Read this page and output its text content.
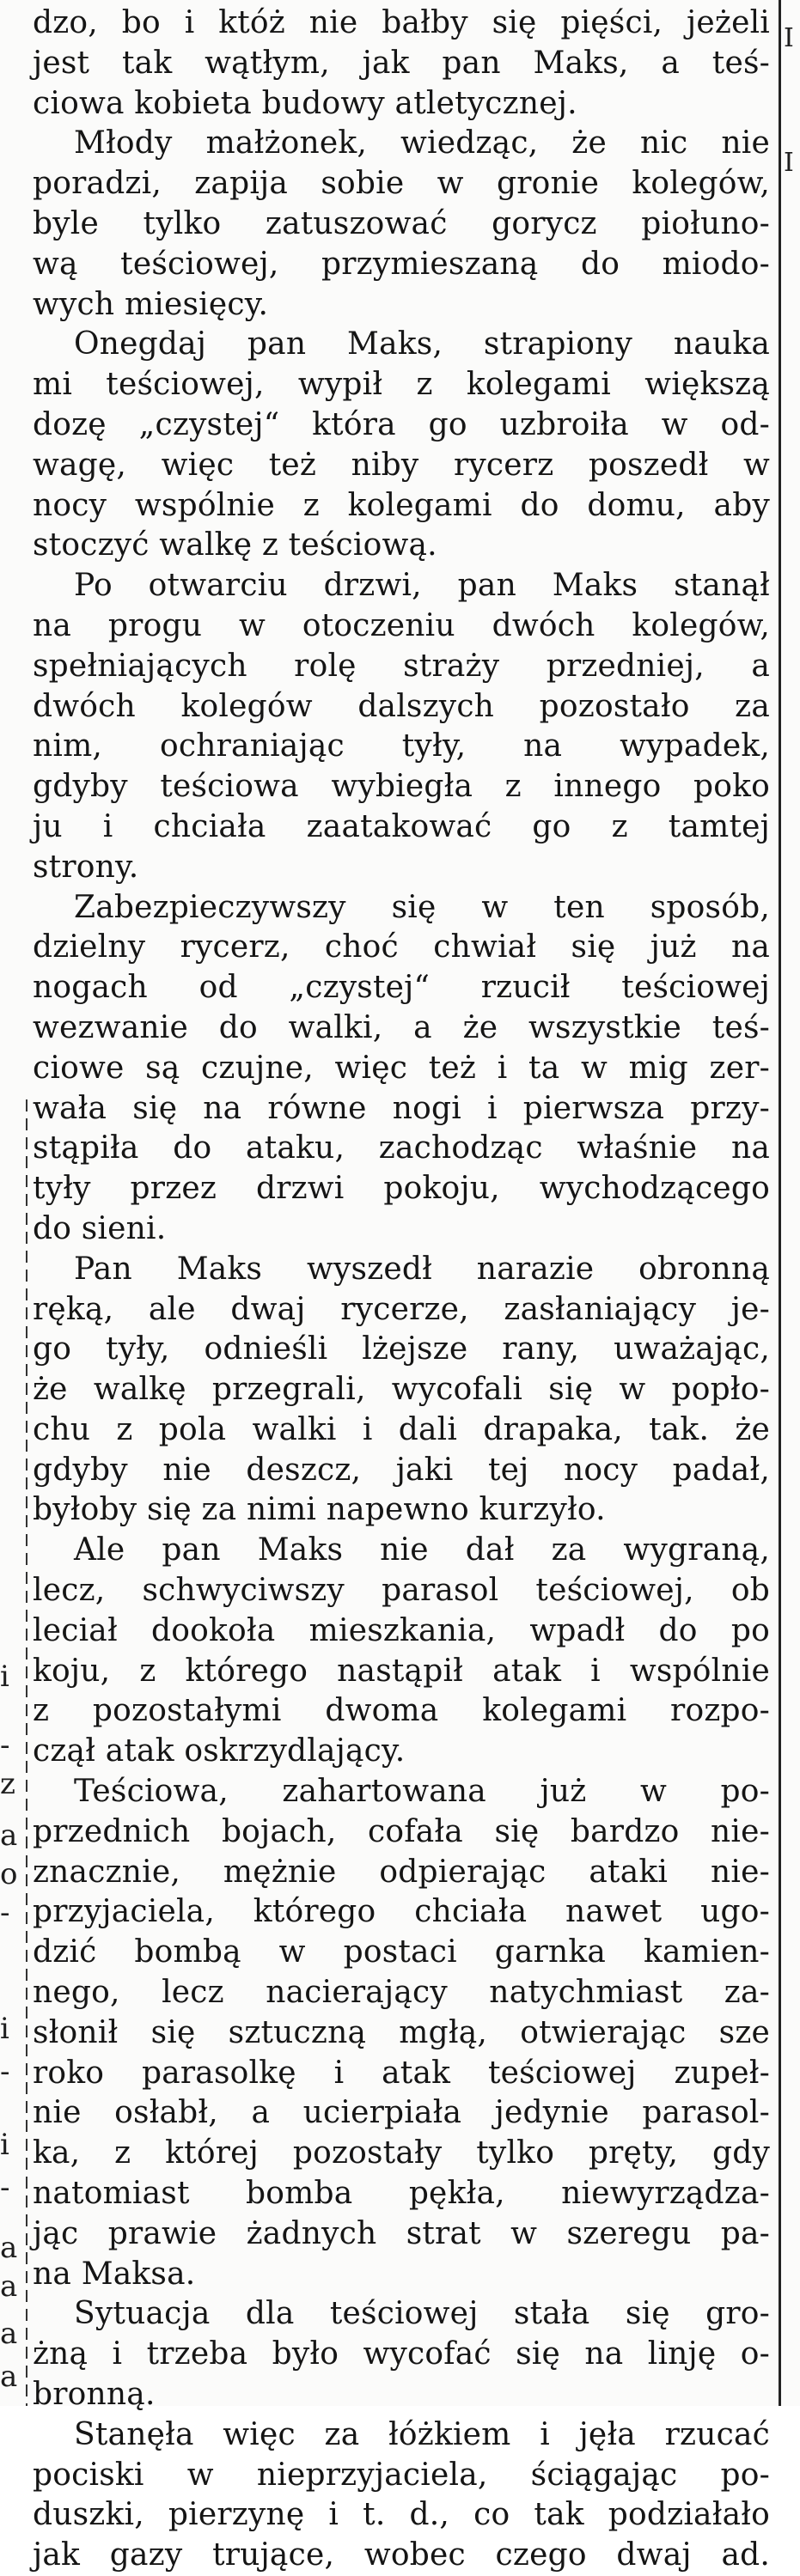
i
-
z
a
o
-
i
-
i
-
a
a
a
a
dzo, bo i któż nie bałby się pięści, jeżeli
jest tak wątłym, jak pan Maks, a teś-
ciowa kobieta budowy atletycznej.
Młody małżonek, wiedząc, że nic nie
poradzi, zapija sobie w gronie kolegów,
byle tylko zatuszować gorycz piołuno-
wą teściowej, przymieszaną do miodo-
wych miesięcy.
Onegdaj pan Maks, strapiony nauka
mi teściowej, wypił z kolegami większą
dozę „czystej“ która go uzbroiła w od-
wagę, więc też niby rycerz poszedł w
nocy wspólnie z kolegami do domu, aby
stoczyć walkę z teściową.
Po otwarciu drzwi, pan Maks stanął
na progu w otoczeniu dwóch kolegów,
spełniających rolę straży przedniej, a
dwóch kolegów dalszych pozostało za
nim, ochraniając tyły, na wypadek,
gdyby teściowa wybiegła z innego poko
ju i chciała zaatakować go z tamtej
strony.
Zabezpieczywszy się w ten sposób,
dzielny rycerz, choć chwiał się już na
nogach od „czystej“ rzucił teściowej
wezwanie do walki, a że wszystkie teś-
ciowe są czujne, więc też i ta w mig zer-
wała się na równe nogi i pierwsza przy-
stąpiła do ataku, zachodząc właśnie na
tyły przez drzwi pokoju, wychodzącego
do sieni.
Pan Maks wyszedł narazie obronną
ręką, ale dwaj rycerze, zasłaniający je-
go tyły, odnieśli lżejsze rany, uważając,
że walkę przegrali, wycofali się w popło-
chu z pola walki i dali drapaka, tak. że
gdyby nie deszcz, jaki tej nocy padał,
byłoby się za nimi napewno kurzyło.
Ale pan Maks nie dał za wygraną,
lecz, schwyciwszy parasol teściowej, ob
leciał dookoła mieszkania, wpadł do po
koju, z którego nastąpił atak i wspólnie
z pozostałymi dwoma kolegami rozpo-
czął atak oskrzydlający.
Teściowa, zahartowana już w po-
przednich bojach, cofała się bardzo nie-
znacznie, mężnie odpierając ataki nie-
przyjaciela, którego chciała nawet ugo-
dzić bombą w postaci garnka kamien-
nego, lecz nacierający natychmiast za-
słonił się sztuczną mgłą, otwierając sze
roko parasolkę i atak teściowej zupeł-
nie osłabł, a ucierpiała jedynie parasol-
ka, z której pozostały tylko pręty, gdy
natomiast bomba pękła, niewyrządza-
jąc prawie żadnych strat w szeregu pa-
na Maksa.
Sytuacja dla teściowej stała się gro-
żną i trzeba było wycofać się na linję o-
bronną.
Stanęła więc za łóżkiem i jęła rzucać
pociski w nieprzyjaciela, ściągając po-
duszki, pierzynę i t. d., co tak podziałało
jak gazy trujące, wobec czego dwaj ad.
I
I
